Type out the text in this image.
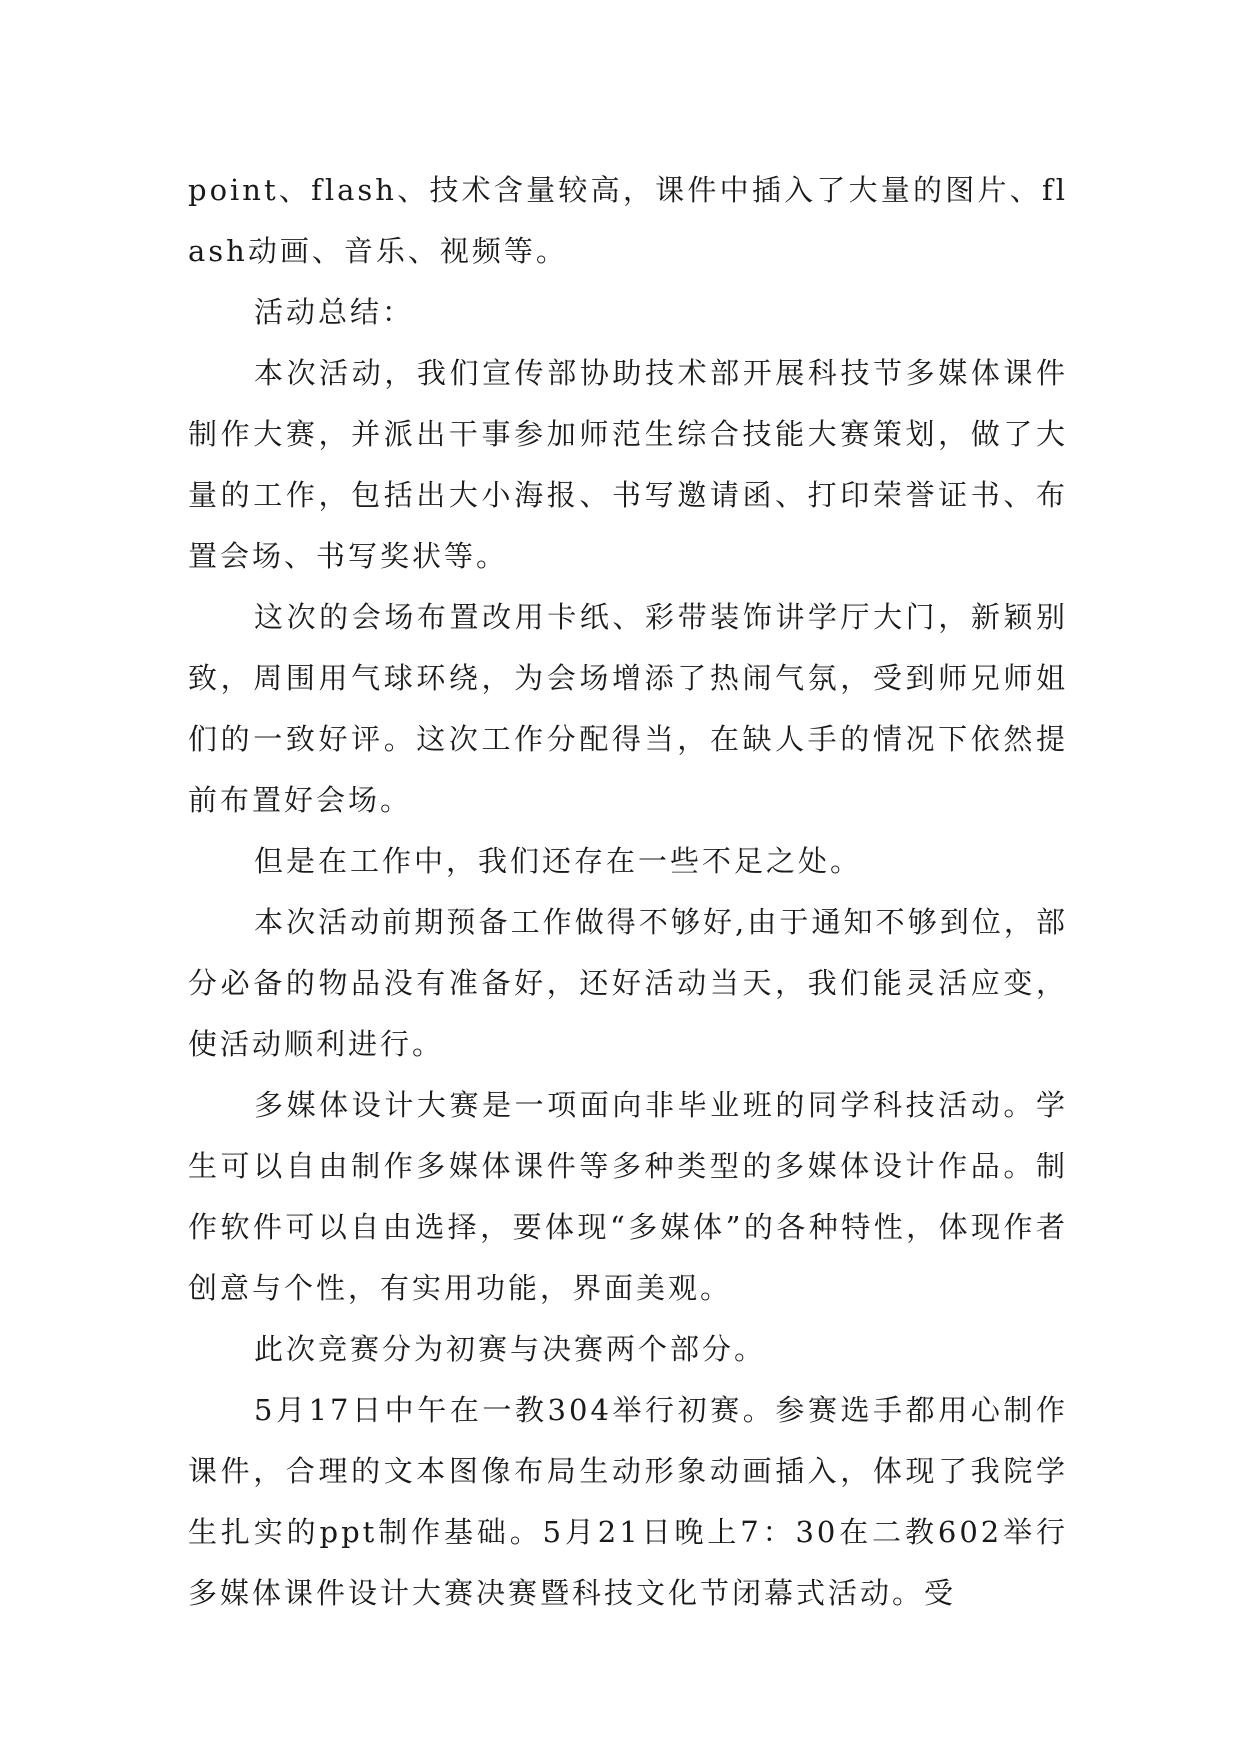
point、flash、技术含量较高，课件中插入了大量的图片、flash动画、音乐、视频等。

活动总结：

本次活动，我们宣传部协助技术部开展科技节多媒体课件制作大赛，并派出干事参加师范生综合技能大赛策划，做了大量的工作，包括出大小海报、书写邀请函、打印荣誉证书、布置会场、书写奖状等。

这次的会场布置改用卡纸、彩带装饰讲学厅大门，新颖别致，周围用气球环绕，为会场增添了热闹气氛，受到师兄师姐们的一致好评。这次工作分配得当，在缺人手的情况下依然提前布置好会场。

但是在工作中，我们还存在一些不足之处。

本次活动前期预备工作做得不够好,由于通知不够到位，部分必备的物品没有准备好，还好活动当天，我们能灵活应变，使活动顺利进行。

多媒体设计大赛是一项面向非毕业班的同学科技活动。学生可以自由制作多媒体课件等多种类型的多媒体设计作品。制作软件可以自由选择，要体现“多媒体”的各种特性，体现作者创意与个性，有实用功能，界面美观。

此次竞赛分为初赛与决赛两个部分。

5月17日中午在一教304举行初赛。参赛选手都用心制作课件，合理的文本图像布局生动形象动画插入，体现了我院学生扎实的ppt制作基础。5月21日晚上7：30在二教602举行多媒体课件设计大赛决赛暨科技文化节闭幕式活动。受
